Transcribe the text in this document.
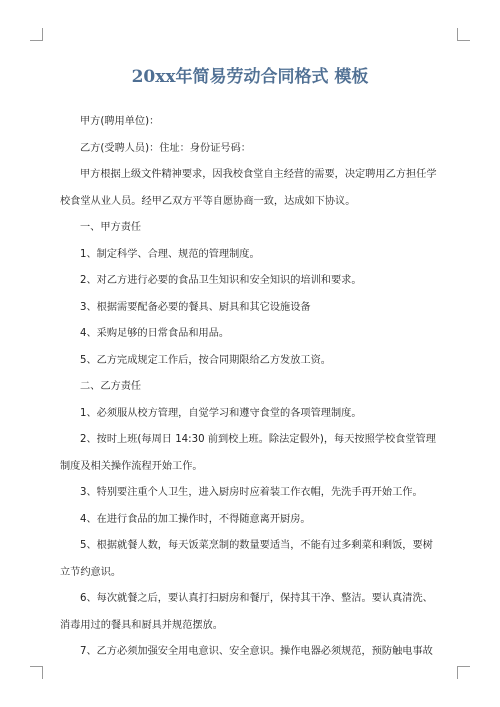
20xx年简易劳动合同格式 模板

甲方(聘用单位)：

乙方(受聘人员)：住址：身份证号码：

甲方根据上级文件精神要求，因我校食堂自主经营的需要，决定聘用乙方担任学校食堂从业人员。经甲乙双方平等自愿协商一致，达成如下协议。

一、甲方责任

1、制定科学、合理、规范的管理制度。

2、对乙方进行必要的食品卫生知识和安全知识的培训和要求。

3、根据需要配备必要的餐具、厨具和其它设施设备

4、采购足够的日常食品和用品。

5、乙方完成规定工作后，按合同期限给乙方发放工资。

二、乙方责任

1、必须服从校方管理，自觉学习和遵守食堂的各项管理制度。

2、按时上班(每周日 14:30 前到校上班。除法定假外)，每天按照学校食堂管理制度及相关操作流程开始工作。

3、特别要注重个人卫生，进入厨房时应着装工作衣帽，先洗手再开始工作。

4、在进行食品的加工操作时，不得随意离开厨房。

5、根据就餐人数，每天饭菜烹制的数量要适当，不能有过多剩菜和剩饭，要树立节约意识。

6、每次就餐之后，要认真打扫厨房和餐厅，保持其干净、整洁。要认真清洗、消毒用过的餐具和厨具并规范摆放。

7、乙方必须加强安全用电意识、安全意识。操作电器必须规范，预防触电事故
